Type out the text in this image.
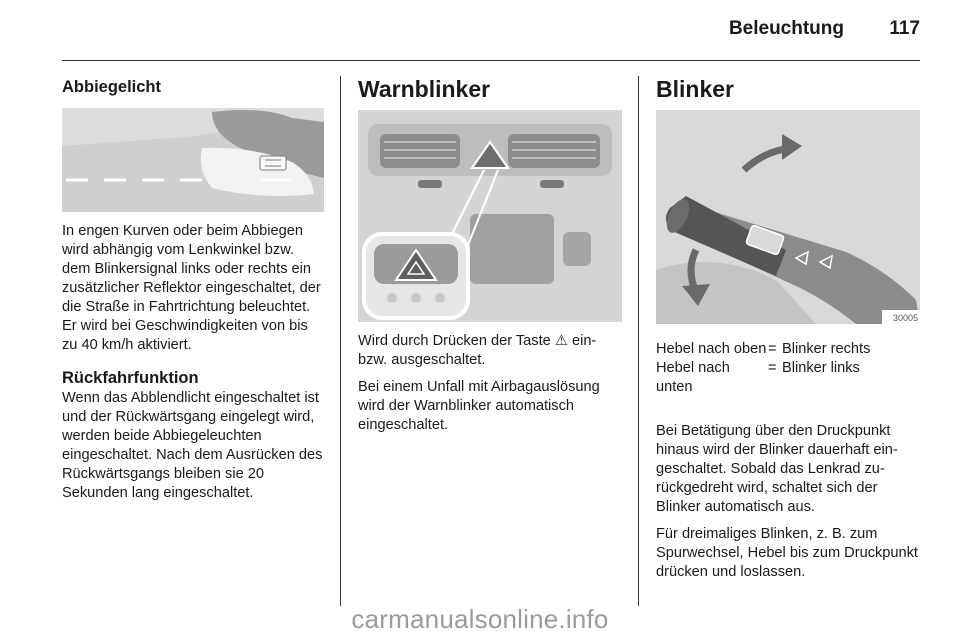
Beleuchtung 117
Abbiegelicht
In engen Kurven oder beim Abbiegen wird abhängig vom Lenkwinkel bzw. dem Blinkersignal links oder rechts ein zusätzlicher Reflektor eingeschaltet, der die Straße in Fahrtrichtung beleuchtet. Er wird bei Geschwindigkeiten von bis zu 40 km/h aktiviert.
Rückfahrfunktion
Wenn das Abblendlicht eingeschaltet ist und der Rückwärtsgang eingelegt wird, werden beide Abbiegeleuchten eingeschaltet. Nach dem Ausrücken des Rückwärtsgangs bleiben sie 20 Sekunden lang eingeschaltet.
Warnblinker
Wird durch Drücken der Taste ⚠ ein- bzw. ausgeschaltet.
Bei einem Unfall mit Airbagauslösung wird der Warnblinker automatisch eingeschaltet.
Blinker
30005
Hebel nach oben = Blinker rechts
Hebel nach unten
= Blinker links
Bei Betätigung über den Druckpunkt hinaus wird der Blinker dauerhaft eingeschaltet. Sobald das Lenkrad zurückgedreht wird, schaltet sich der Blinker automatisch aus.
Für dreimaliges Blinken, z. B. zum Spurwechsel, Hebel bis zum Druckpunkt drücken und loslassen.
carmanualsonline.info
